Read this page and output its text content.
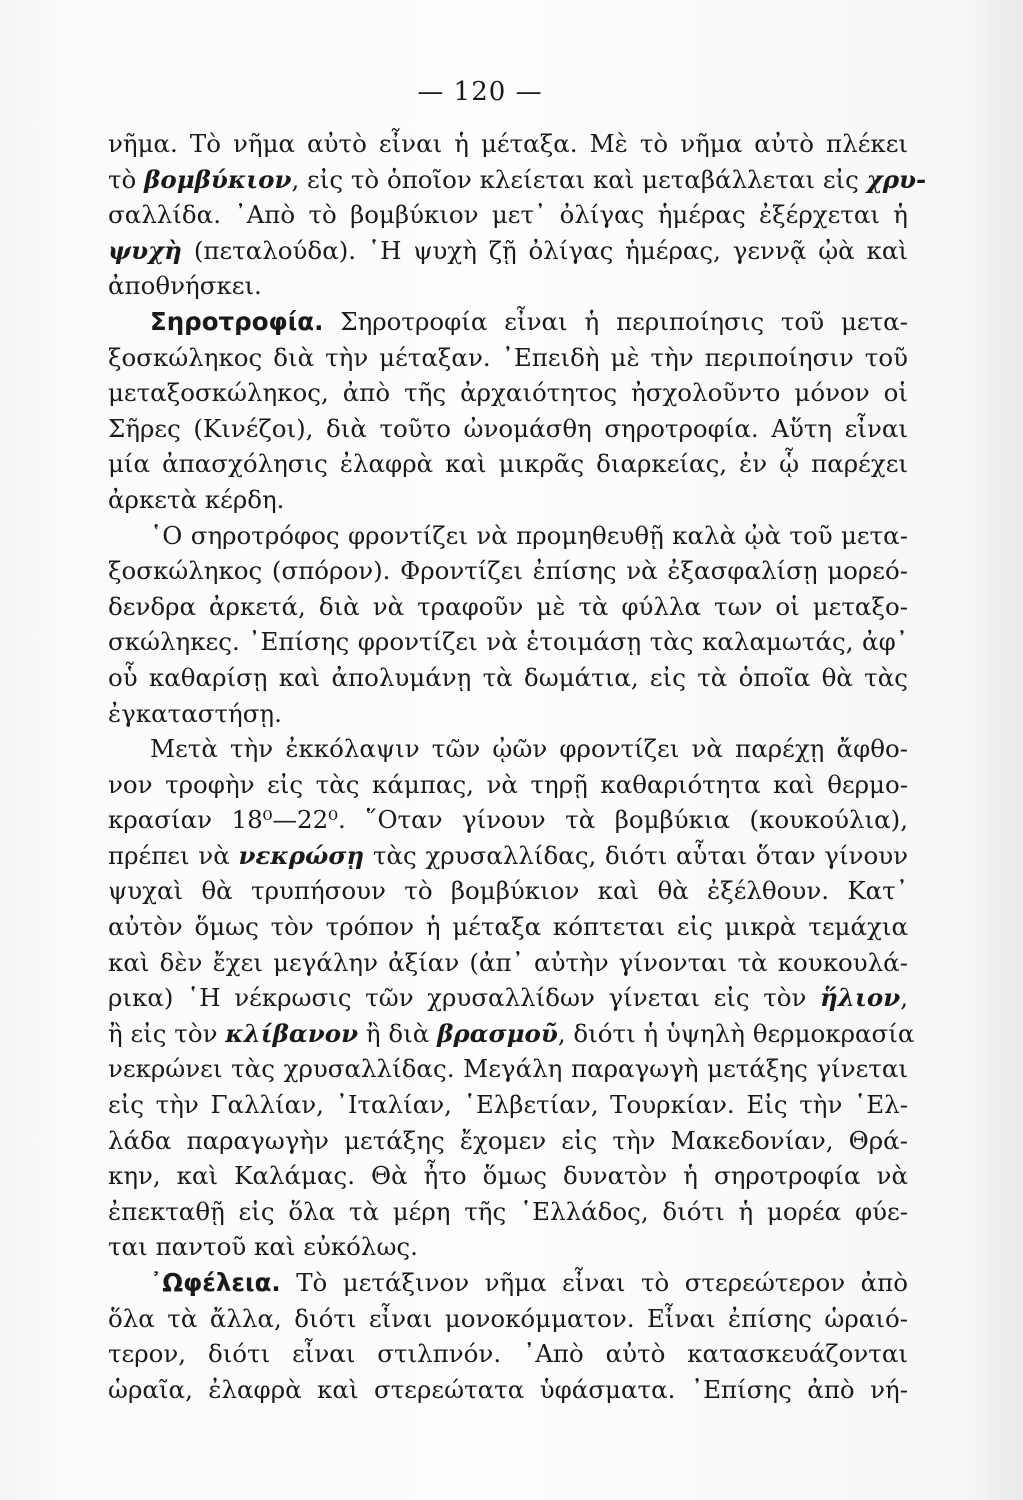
— 120 —
νῆμα. Τὸ νῆμα αὐτὸ εἶναι ἡ μέταξα. Μὲ τὸ νῆμα αὐτὸ πλέκει
τὸ βομβύκιον, εἰς τὸ ὁποῖον κλείεται καὶ μεταβάλλεται εἰς χρυ-
σαλλίδα. ᾿Απὸ τὸ βομβύκιον μετ᾿ ὀλίγας ἡμέρας ἐξέρχεται ἡ
ψυχὴ (πεταλούδα). ῾Η ψυχὴ ζῇ ὀλίγας ἡμέρας, γεννᾷ ᾠὰ καὶ
ἀποθνήσκει.
Σηροτροφία. Σηροτροφία εἶναι ἡ περιποίησις τοῦ μετα-
ξοσκώληκος διὰ τὴν μέταξαν. ᾿Επειδὴ μὲ τὴν περιποίησιν τοῦ
μεταξοσκώληκος, ἀπὸ τῆς ἀρχαιότητος ἠσχολοῦντο μόνον οἱ
Σῆρες (Κινέζοι), διὰ τοῦτο ὠνομάσθη σηροτροφία. Αὕτη εἶναι
μία ἀπασχόλησις ἐλαφρὰ καὶ μικρᾶς διαρκείας, ἐν ᾧ παρέχει
ἀρκετὰ κέρδη.
῾Ο σηροτρόφος φροντίζει νὰ προμηθευθῇ καλὰ ᾠὰ τοῦ μετα-
ξοσκώληκος (σπόρον). Φροντίζει ἐπίσης νὰ ἐξασφαλίσῃ μορεό-
δενδρα ἀρκετά, διὰ νὰ τραφοῦν μὲ τὰ φύλλα των οἱ μεταξο-
σκώληκες. ᾿Επίσης φροντίζει νὰ ἑτοιμάσῃ τὰς καλαμωτάς, ἀφ᾿
οὗ καθαρίσῃ καὶ ἀπολυμάνῃ τὰ δωμάτια, εἰς τὰ ὁποῖα θὰ τὰς
ἐγκαταστήσῃ.
Μετὰ τὴν ἐκκόλαψιν τῶν ᾠῶν φροντίζει νὰ παρέχῃ ἄφθο-
νον τροφὴν εἰς τὰς κάμπας, νὰ τηρῇ καθαριότητα καὶ θερμο-
κρασίαν 18⁰—22⁰. ῞Οταν γίνουν τὰ βομβύκια (κουκούλια),
πρέπει νὰ νεκρώσῃ τὰς χρυσαλλίδας, διότι αὗται ὅταν γίνουν
ψυχαὶ θὰ τρυπήσουν τὸ βομβύκιον καὶ θὰ ἐξέλθουν. Κατ᾿
αὐτὸν ὅμως τὸν τρόπον ἡ μέταξα κόπτεται εἰς μικρὰ τεμάχια
καὶ δὲν ἔχει μεγάλην ἀξίαν (ἀπ᾿ αὐτὴν γίνονται τὰ κουκουλά-
ρικα) ῾Η νέκρωσις τῶν χρυσαλλίδων γίνεται εἰς τὸν ἥλιον,
ἢ εἰς τὸν κλίβανον ἢ διὰ βρασμοῦ, διότι ἡ ὑψηλὴ θερμοκρασία
νεκρώνει τὰς χρυσαλλίδας. Μεγάλη παραγωγὴ μετάξης γίνεται
εἰς τὴν Γαλλίαν, ᾿Ιταλίαν, ῾Ελβετίαν, Τουρκίαν. Εἰς τὴν ῾Ελ-
λάδα παραγωγὴν μετάξης ἔχομεν εἰς τὴν Μακεδονίαν, Θρά-
κην, καὶ Καλάμας. Θὰ ἦτο ὅμως δυνατὸν ἡ σηροτροφία νὰ
ἐπεκταθῇ εἰς ὅλα τὰ μέρη τῆς ῾Ελλάδος, διότι ἡ μορέα φύε-
ται παντοῦ καὶ εὐκόλως.
᾿Ωφέλεια. Τὸ μετάξινον νῆμα εἶναι τὸ στερεώτερον ἀπὸ
ὅλα τὰ ἄλλα, διότι εἶναι μονοκόμματον. Εἶναι ἐπίσης ὡραιό-
τερον, διότι εἶναι στιλπνόν. ᾿Απὸ αὐτὸ κατασκευάζονται
ὡραῖα, ἐλαφρὰ καὶ στερεώτατα ὑφάσματα. ᾿Επίσης ἀπὸ νή-
